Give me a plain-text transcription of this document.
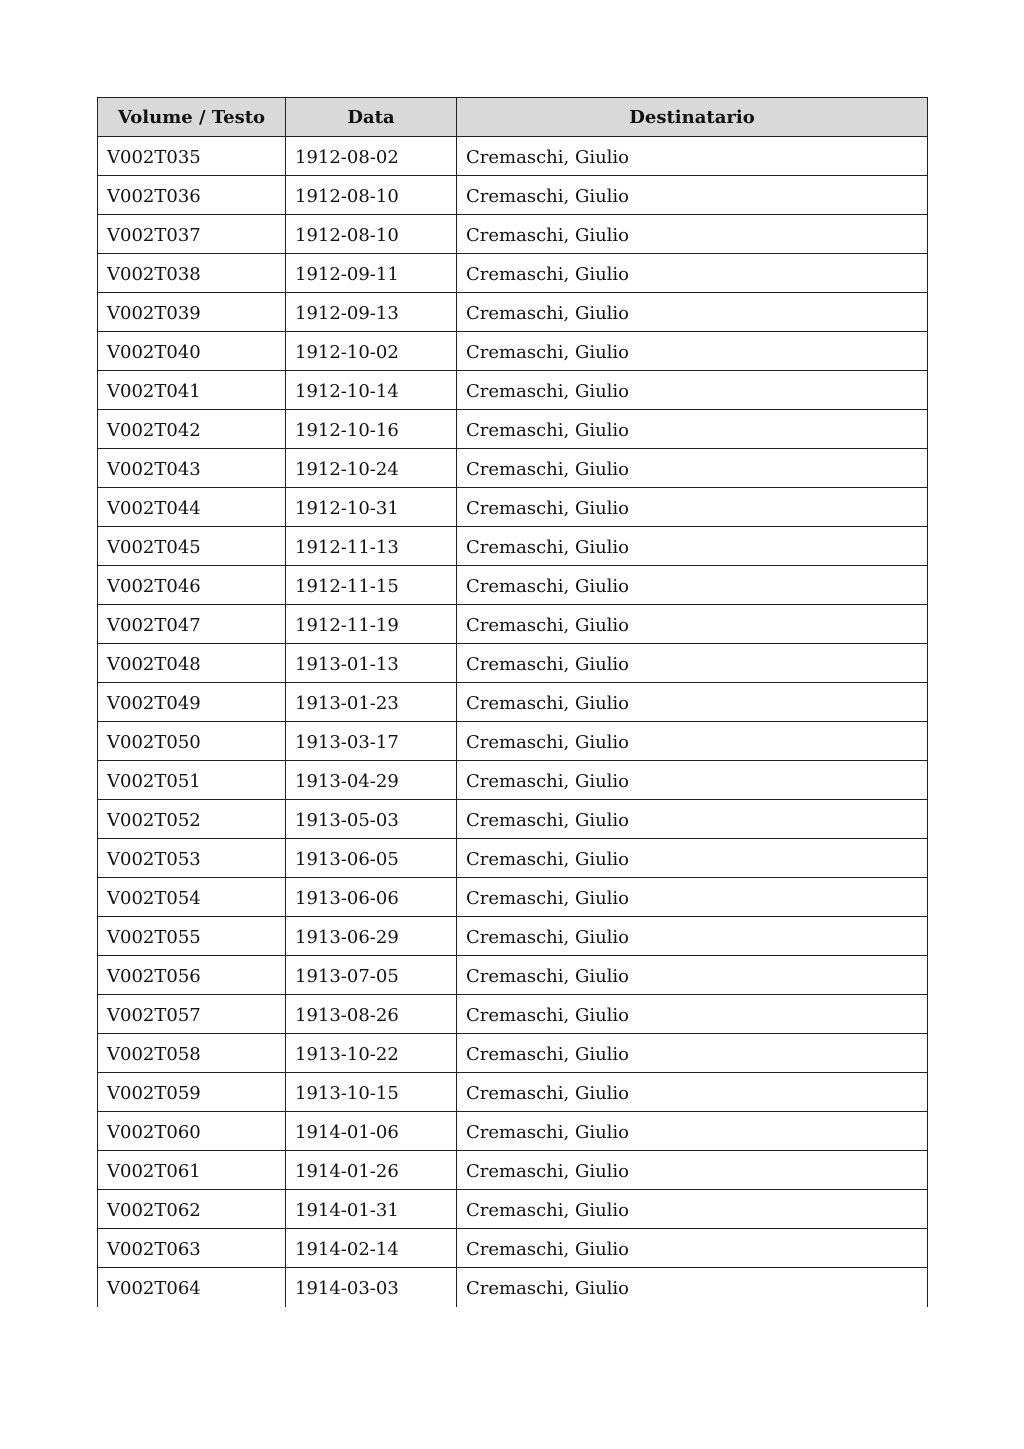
Volume / Testo	Data	Destinatario
V002T035	1912-08-02	Cremaschi, Giulio
V002T036	1912-08-10	Cremaschi, Giulio
V002T037	1912-08-10	Cremaschi, Giulio
V002T038	1912-09-11	Cremaschi, Giulio
V002T039	1912-09-13	Cremaschi, Giulio
V002T040	1912-10-02	Cremaschi, Giulio
V002T041	1912-10-14	Cremaschi, Giulio
V002T042	1912-10-16	Cremaschi, Giulio
V002T043	1912-10-24	Cremaschi, Giulio
V002T044	1912-10-31	Cremaschi, Giulio
V002T045	1912-11-13	Cremaschi, Giulio
V002T046	1912-11-15	Cremaschi, Giulio
V002T047	1912-11-19	Cremaschi, Giulio
V002T048	1913-01-13	Cremaschi, Giulio
V002T049	1913-01-23	Cremaschi, Giulio
V002T050	1913-03-17	Cremaschi, Giulio
V002T051	1913-04-29	Cremaschi, Giulio
V002T052	1913-05-03	Cremaschi, Giulio
V002T053	1913-06-05	Cremaschi, Giulio
V002T054	1913-06-06	Cremaschi, Giulio
V002T055	1913-06-29	Cremaschi, Giulio
V002T056	1913-07-05	Cremaschi, Giulio
V002T057	1913-08-26	Cremaschi, Giulio
V002T058	1913-10-22	Cremaschi, Giulio
V002T059	1913-10-15	Cremaschi, Giulio
V002T060	1914-01-06	Cremaschi, Giulio
V002T061	1914-01-26	Cremaschi, Giulio
V002T062	1914-01-31	Cremaschi, Giulio
V002T063	1914-02-14	Cremaschi, Giulio
V002T064	1914-03-03	Cremaschi, Giulio
